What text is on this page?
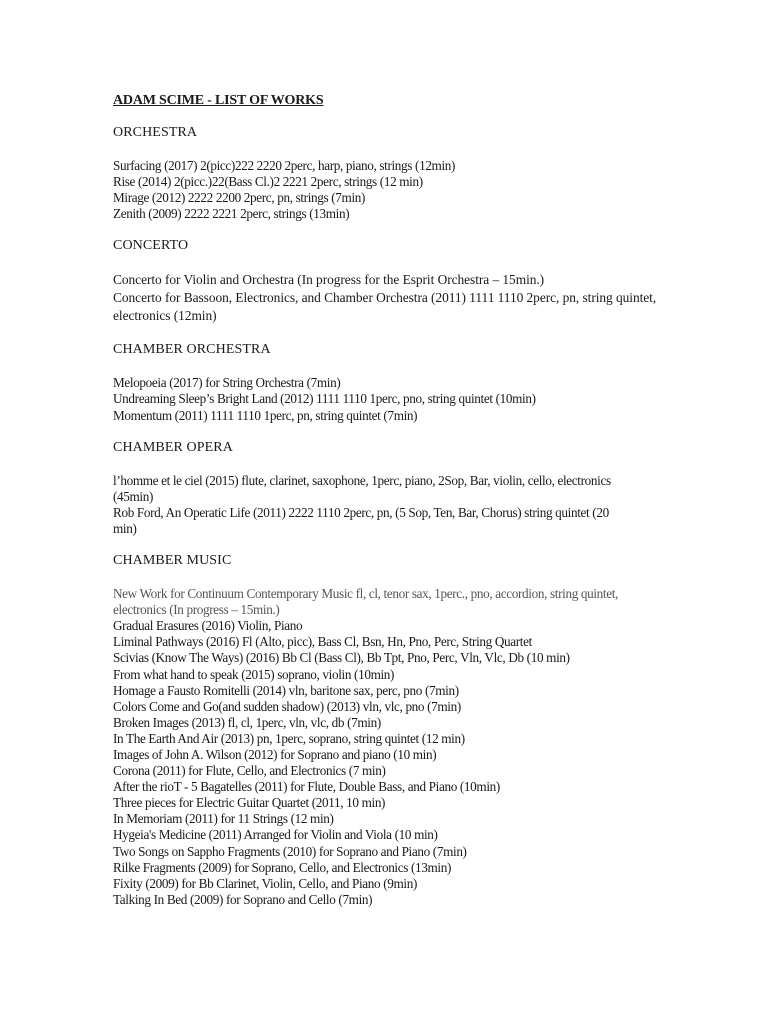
ADAM SCIME - LIST OF WORKS
ORCHESTRA
Surfacing (2017) 2(picc)222 2220 2perc, harp, piano, strings (12min)
Rise (2014) 2(picc.)22(Bass Cl.)2 2221 2perc, strings (12 min)
Mirage (2012) 2222 2200 2perc, pn, strings (7min)
Zenith (2009) 2222 2221 2perc, strings (13min)
CONCERTO
Concerto for Violin and Orchestra (In progress for the Esprit Orchestra – 15min.)
Concerto for Bassoon, Electronics, and Chamber Orchestra (2011) 1111 1110 2perc, pn, string quintet, electronics (12min)
CHAMBER ORCHESTRA
Melopoeia (2017) for String Orchestra (7min)
Undreaming Sleep’s Bright Land (2012) 1111 1110 1perc, pno, string quintet (10min)
Momentum (2011) 1111 1110 1perc, pn, string quintet (7min)
CHAMBER OPERA
l’homme et le ciel (2015) flute, clarinet, saxophone, 1perc, piano, 2Sop, Bar, violin, cello, electronics (45min)
Rob Ford, An Operatic Life (2011) 2222 1110 2perc, pn, (5 Sop, Ten, Bar, Chorus) string quintet (20 min)
CHAMBER MUSIC
New Work for Continuum Contemporary Music fl, cl, tenor sax, 1perc., pno, accordion, string quintet, electronics (In progress – 15min.)
Gradual Erasures (2016) Violin, Piano
Liminal Pathways (2016) Fl (Alto, picc), Bass Cl, Bsn, Hn, Pno, Perc, String Quartet
Scivias (Know The Ways) (2016) Bb Cl (Bass Cl), Bb Tpt, Pno, Perc, Vln, Vlc, Db (10 min)
From what hand to speak (2015) soprano, violin (10min)
Homage a Fausto Romitelli (2014) vln, baritone sax, perc, pno (7min)
Colors Come and Go(and sudden shadow) (2013) vln, vlc, pno (7min)
Broken Images (2013) fl, cl, 1perc, vln, vlc, db (7min)
In The Earth And Air (2013) pn, 1perc, soprano, string quintet (12 min)
Images of John A. Wilson (2012) for Soprano and piano (10 min)
Corona (2011) for Flute, Cello, and Electronics (7 min)
After the rioT - 5 Bagatelles (2011) for Flute, Double Bass, and Piano (10min)
Three pieces for Electric Guitar Quartet (2011, 10 min)
In Memoriam (2011) for 11 Strings (12 min)
Hygeia's Medicine (2011) Arranged for Violin and Viola (10 min)
Two Songs on Sappho Fragments (2010) for Soprano and Piano (7min)
Rilke Fragments (2009) for Soprano, Cello, and Electronics (13min)
Fixity (2009) for Bb Clarinet, Violin, Cello, and Piano (9min)
Talking In Bed (2009) for Soprano and Cello (7min)
